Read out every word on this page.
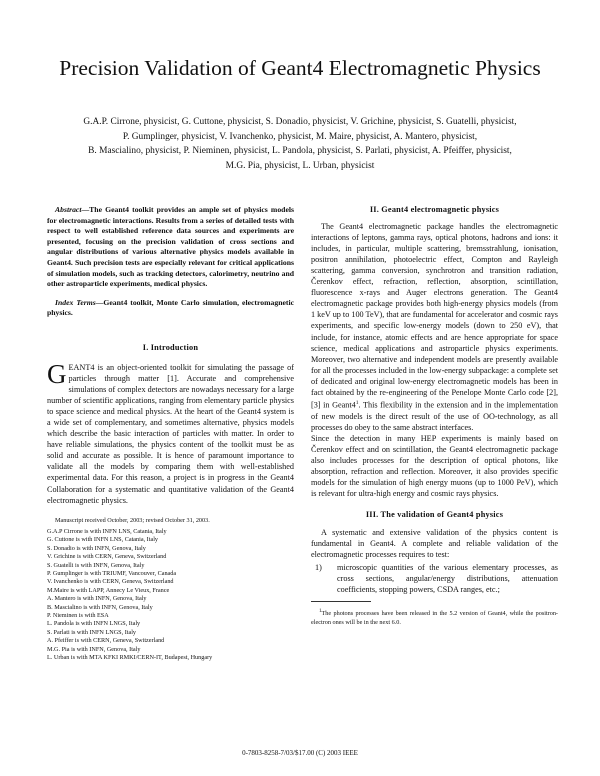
Precision Validation of Geant4 Electromagnetic Physics
G.A.P. Cirrone, physicist, G. Cuttone, physicist, S. Donadio, physicist, V. Grichine, physicist, S. Guatelli, physicist,
P. Gumplinger, physicist, V. Ivanchenko, physicist, M. Maire, physicist, A. Mantero, physicist,
B. Mascialino, physicist, P. Nieminen, physicist, L. Pandola, physicist, S. Parlati, physicist, A. Pfeiffer, physicist,
M.G. Pia, physicist, L. Urban, physicist

Abstract—The Geant4 toolkit provides an ample set of physics models for electromagnetic interactions. Results from a series of detailed tests with respect to well established reference data sources and experiments are presented, focusing on the precision validation of cross sections and angular distributions of various alternative physics models available in Geant4. Such precision tests are especially relevant for critical applications of simulation models, such as tracking detectors, calorimetry, neutrino and other astroparticle experiments, medical physics.

Index Terms—Geant4 toolkit, Monte Carlo simulation, electromagnetic physics.

I. Introduction

GEANT4 is an object-oriented toolkit for simulating the passage of particles through matter [1]. Accurate and comprehensive simulations of complex detectors are nowadays necessary for a large number of scientific applications, ranging from elementary particle physics to space science and medical physics. At the heart of the Geant4 system is a wide set of complementary, and sometimes alternative, physics models which describe the basic interaction of particles with matter. In order to have reliable simulations, the physics content of the toolkit must be as solid and accurate as possible. It is hence of paramount importance to validate all the models by comparing them with well-established experimental data. For this reason, a project is in progress in the Geant4 Collaboration for a systematic and quantitative validation of the Geant4 electromagnetic physics.

Manuscript received October, 2003; revised October 31, 2003.
G.A.P Cirrone is with INFN LNS, Catania, Italy
G. Cuttone is with INFN LNS, Catania, Italy
S. Donadio is with INFN, Genova, Italy
V. Grichine is with CERN, Geneva, Switzerland
S. Guatelli is with INFN, Genova, Italy
P. Gumplinger is with TRIUMF, Vancouver, Canada
V. Ivanchenko is with CERN, Geneva, Switzerland
M.Maire is with LAPP, Annecy Le Vieux, France
A. Mantero is with INFN, Genova, Italy
B. Mascialino is with INFN, Genova, Italy
P. Nieminen is with ESA
L. Pandola is with INFN LNGS, Italy
S. Parlati is with INFN LNGS, Italy
A. Pfeiffer is with CERN, Geneva, Switzerland
M.G. Pia is with INFN, Genova, Italy
L. Urban is with MTA KFKI RMKI/CERN-IT, Budapest, Hungary
II. Geant4 electromagnetic physics

The Geant4 electromagnetic package handles the electromagnetic interactions of leptons, gamma rays, optical photons, hadrons and ions: it includes, in particular, multiple scattering, bremsstrahlung, ionisation, positron annihilation, photoelectric effect, Compton and Rayleigh scattering, gamma conversion, synchrotron and transition radiation, Čerenkov effect, refraction, reflection, absorption, scintillation, fluorescence x-rays and Auger electrons generation. The Geant4 electromagnetic package provides both high-energy physics models (from 1 keV up to 100 TeV), that are fundamental for accelerator and cosmic rays experiments, and specific low-energy models (down to 250 eV), that include, for instance, atomic effects and are hence appropriate for space science, medical applications and astroparticle physics experiments. Moreover, two alternative and independent models are presently available for all the processes included in the low-energy subpackage: a complete set of dedicated and original low-energy electromagnetic models has been in fact obtained by the re-engineering of the Penelope Monte Carlo code [2], [3] in $Geant4^1$. This flexibility in the extension and in the implementation of new models is the direct result of the use of OO-technology, as all processes do obey to the same abstract interfaces.

Since the detection in many HEP experiments is mainly based on Čerenkov effect and on scintillation, the Geant4 electromagnetic package also includes processes for the description of optical photons, like absorption, refraction and reflection. Moreover, it also provides specific models for the simulation of high energy muons (up to 1000 PeV), which is relevant for ultra-high energy and cosmic rays physics.

III. The validation of Geant4 physics

A systematic and extensive validation of the physics content is fundamental in Geant4. A complete and reliable validation of the electromagnetic processes requires to test:

1)	microscopic quantities of the various elementary processes, as cross sections, angular/energy distributions, attenuation coefficients, stopping powers, CSDA ranges, etc.;

$^1$The photons processes have been released in the 5.2 version of Geant4, while the positron-electron ones will be in the next 6.0.

0-7803-8258-7/03/$17.00 (C) 2003 IEEE
